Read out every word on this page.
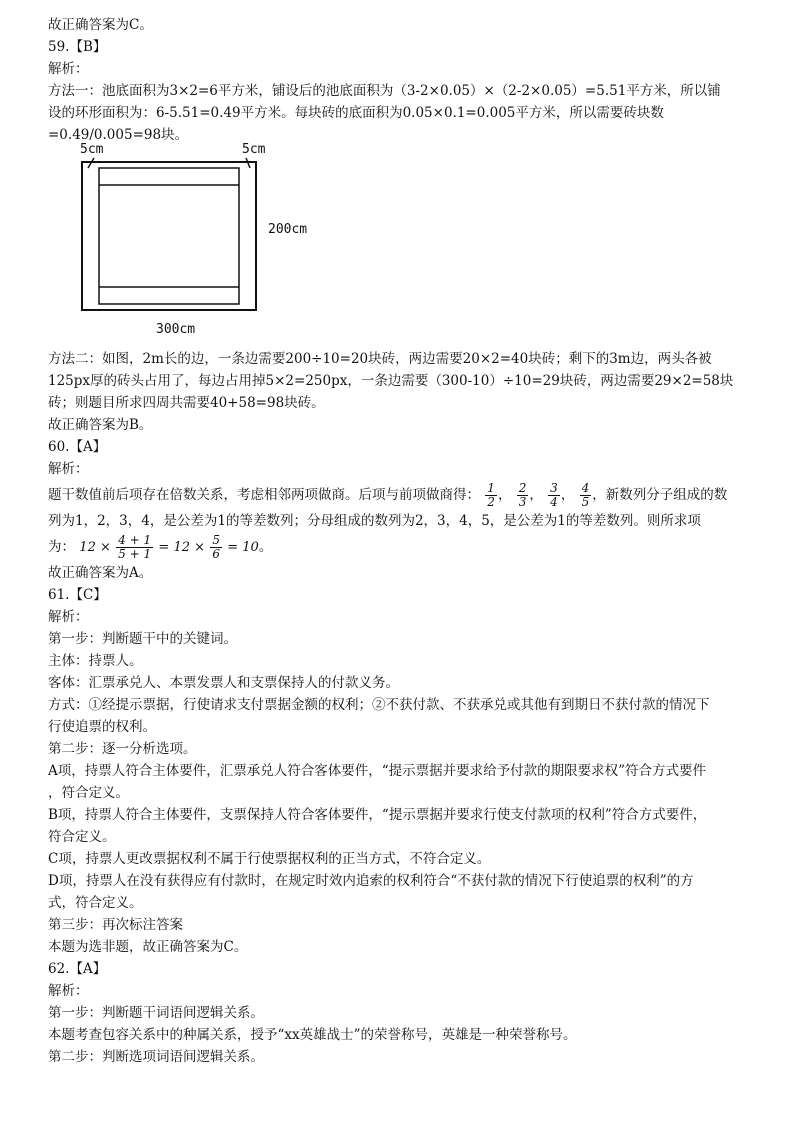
故正确答案为C。
59.【B】
解析：
方法一：池底面积为3×2=6平方米，铺设后的池底面积为（3-2×0.05）×（2-2×0.05）=5.51平方米，所以铺
设的环形面积为：6-5.51=0.49平方米。每块砖的底面积为0.05×0.1=0.005平方米，所以需要砖块数
=0.49/0.005=98块。
5cm	5cm
200cm
300cm
方法二：如图，2m长的边，一条边需要200÷10=20块砖，两边需要20×2=40块砖；剩下的3m边，两头各被
125px厚的砖头占用了，每边占用掉5×2=250px，一条边需要（300-10）÷10=29块砖，两边需要29×2=58块
砖；则题目所求四周共需要40+58=98块砖。
故正确答案为B。
60.【A】
解析：
题干数值前后项存在倍数关系，考虑相邻两项做商。后项与前项做商得： $\frac{1}{2}$ ， $\frac{2}{3}$ ， $\frac{3}{4}$ ， $\frac{4}{5}$ ，新数列分子组成的数
列为1，2，3，4，是公差为1的等差数列；分母组成的数列为2，3，4，5，是公差为1的等差数列。则所求项
为： $12 \times \frac{4 + 1}{5 + 1} = 12 \times \frac{5}{6} = 10$。
故正确答案为A。
61.【C】
解析：
第一步：判断题干中的关键词。
主体：持票人。
客体：汇票承兑人、本票发票人和支票保持人的付款义务。
方式：①经提示票据，行使请求支付票据金额的权利；②不获付款、不获承兑或其他有到期日不获付款的情况下
行使追票的权利。
第二步：逐一分析选项。
A项，持票人符合主体要件，汇票承兑人符合客体要件，“提示票据并要求给予付款的期限要求权”符合方式要件
，符合定义。
B项，持票人符合主体要件，支票保持人符合客体要件，“提示票据并要求行使支付款项的权利”符合方式要件，
符合定义。
C项，持票人更改票据权利不属于行使票据权利的正当方式，不符合定义。
D项，持票人在没有获得应有付款时，在规定时效内追索的权利符合“不获付款的情况下行使追票的权利”的方
式，符合定义。
第三步：再次标注答案
本题为选非题，故正确答案为C。
62.【A】
解析：
第一步：判断题干词语间逻辑关系。
本题考查包容关系中的种属关系，授予“xx英雄战士”的荣誉称号，英雄是一种荣誉称号。
第二步：判断选项词语间逻辑关系。
